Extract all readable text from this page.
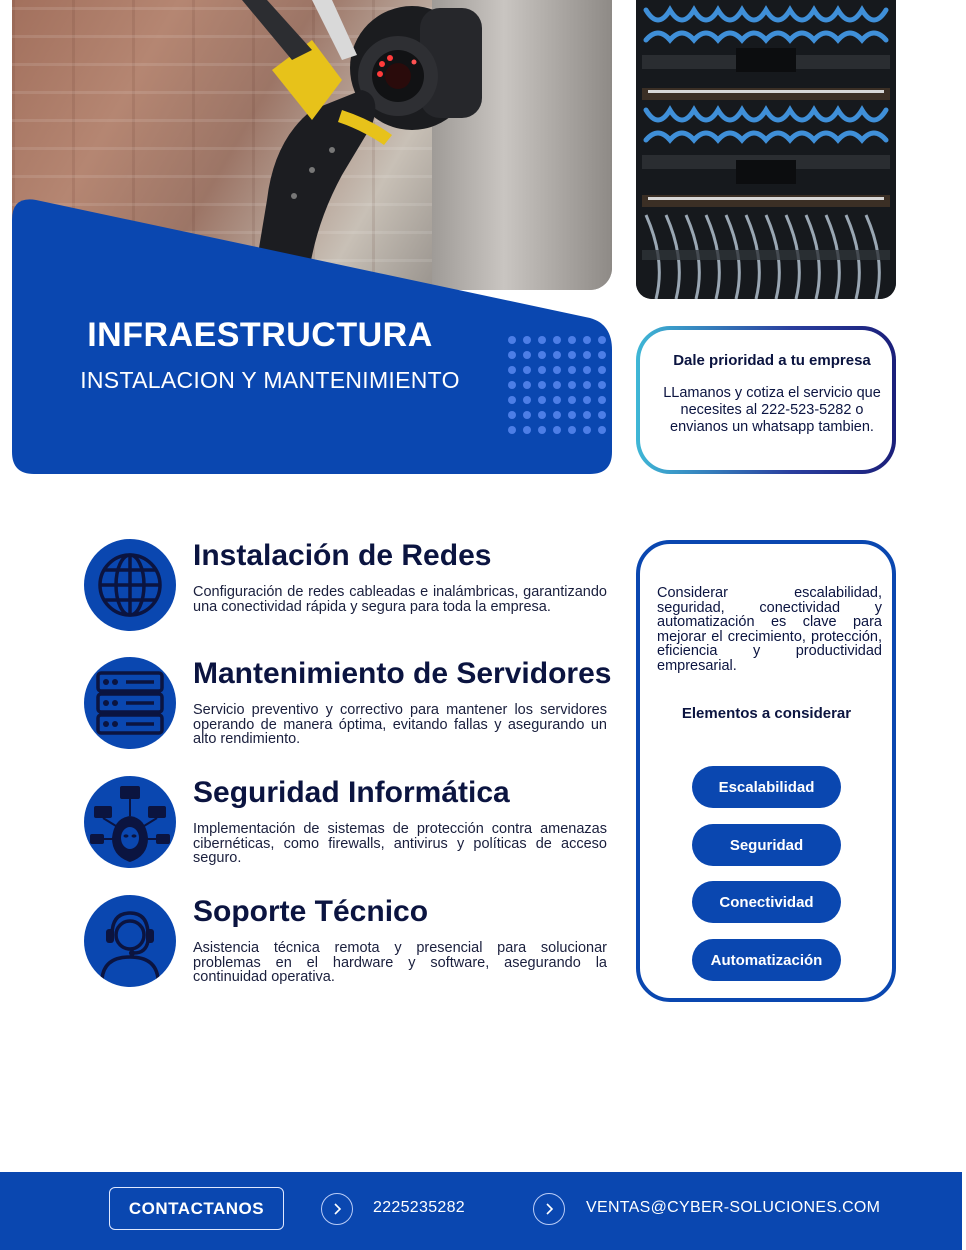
INFRAESTRUCTURA
INSTALACION Y MANTENIMIENTO
Dale prioridad a tu empresa
LLamanos y cotiza el servicio que necesites al 222-523-5282 o envianos un whatsapp tambien.
Instalación de Redes
Configuración de redes cableadas e inalámbricas, garantizando una conectividad rápida y segura para toda la empresa.
Mantenimiento de Servidores
Servicio preventivo y correctivo para mantener los servidores operando de manera óptima, evitando fallas y asegurando un alto rendimiento.
Seguridad Informática
Implementación de sistemas de protección contra amenazas cibernéticas, como firewalls, antivirus y políticas de acceso seguro.
Soporte Técnico
Asistencia técnica remota y presencial para solucionar problemas en el hardware y software, asegurando la continuidad operativa.
Considerar escalabilidad, seguridad, conectividad y automatización es clave para mejorar el crecimiento, protección, eficiencia y productividad empresarial.
Elementos a considerar
Escalabilidad
Seguridad
Conectividad
Automatización
CONTACTANOS	2225235282	VENTAS@CYBER-SOLUCIONES.COM
